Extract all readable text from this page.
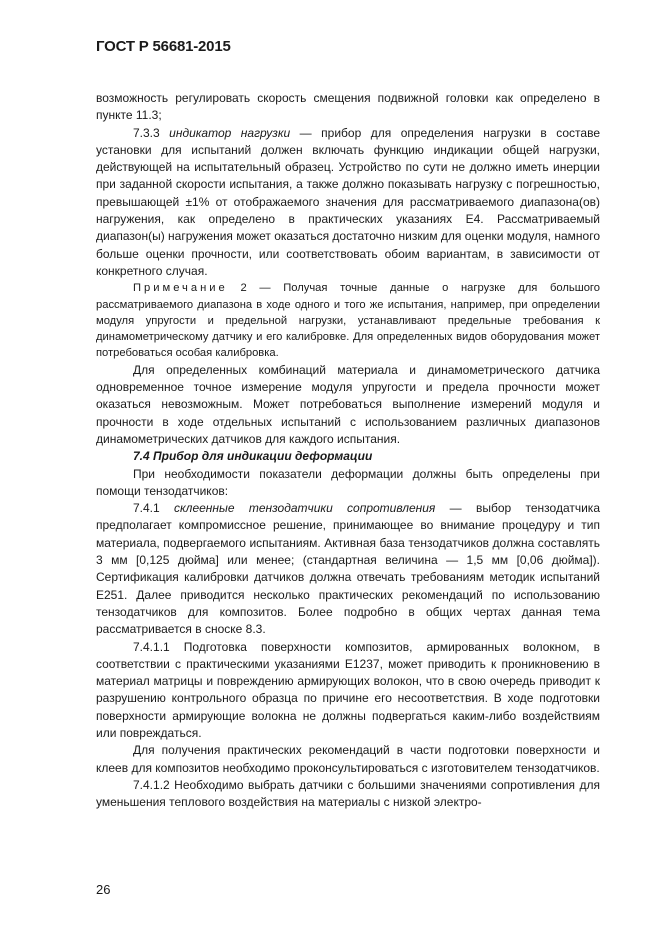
ГОСТ Р 56681-2015

возможность регулировать скорость смещения подвижной головки как определено в пункте 11.3;

7.3.3 индикатор нагрузки — прибор для определения нагрузки в составе установки для испытаний должен включать функцию индикации общей нагрузки, действующей на испытательный образец. Устройство по сути не должно иметь инерции при заданной скорости испытания, а также должно показывать нагрузку с погрешностью, превышающей ±1% от отображаемого значения для рассматриваемого диапазона(ов) нагружения, как определено в практических указаниях Е4. Рассматриваемый диапазон(ы) нагружения может оказаться достаточно низким для оценки модуля, намного больше оценки прочности, или соответствовать обоим вариантам, в зависимости от конкретного случая.

Примечание 2 — Получая точные данные о нагрузке для большого рассматриваемого диапазона в ходе одного и того же испытания, например, при определении модуля упругости и предельной нагрузки, устанавливают предельные требования к динамометрическому датчику и его калибровке. Для определенных видов оборудования может потребоваться особая калибровка.

Для определенных комбинаций материала и динамометрического датчика одновременное точное измерение модуля упругости и предела прочности может оказаться невозможным. Может потребоваться выполнение измерений модуля и прочности в ходе отдельных испытаний с использованием различных диапазонов динамометрических датчиков для каждого испытания.

7.4 Прибор для индикации деформации

При необходимости показатели деформации должны быть определены при помощи тензодатчиков:

7.4.1 склеенные тензодатчики сопротивления — выбор тензодатчика предполагает компромиссное решение, принимающее во внимание процедуру и тип материала, подвергаемого испытаниям. Активная база тензодатчиков должна составлять 3 мм [0,125 дюйма] или менее; (стандартная величина — 1,5 мм [0,06 дюйма]). Сертификация калибровки датчиков должна отвечать требованиям методик испытаний Е251. Далее приводится несколько практических рекомендаций по использованию тензодатчиков для композитов. Более подробно в общих чертах данная тема рассматривается в сноске 8.3.

7.4.1.1 Подготовка поверхности композитов, армированных волокном, в соответствии с практическими указаниями Е1237, может приводить к проникновению в материал матрицы и повреждению армирующих волокон, что в свою очередь приводит к разрушению контрольного образца по причине его несоответствия. В ходе подготовки поверхности армирующие волокна не должны подвергаться каким-либо воздействиям или повреждаться.

Для получения практических рекомендаций в части подготовки поверхности и клеев для композитов необходимо проконсультироваться с изготовителем тензодатчиков.

7.4.1.2 Необходимо выбрать датчики с большими значениями сопротивления для уменьшения теплового воздействия на материалы с низкой электро-

26
